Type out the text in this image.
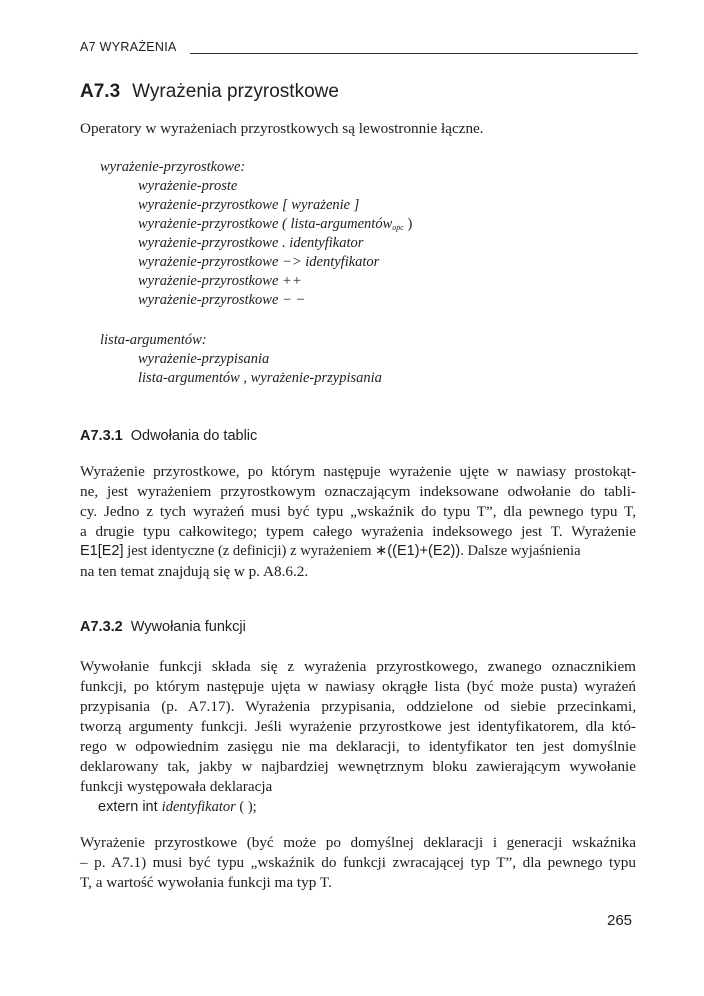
A7 WYRAŻENIA
A7.3 Wyrażenia przyrostkowe
Operatory w wyrażeniach przyrostkowych są lewostronnie łączne.
wyrażenie-przyrostkowe:
wyrażenie-proste
wyrażenie-przyrostkowe [ wyrażenie ]
wyrażenie-przyrostkowe ( lista-argumentów$_{opc}$ )
wyrażenie-przyrostkowe . identyfikator
wyrażenie-przyrostkowe −> identyfikator
wyrażenie-przyrostkowe ++
wyrażenie-przyrostkowe − −
lista-argumentów:
wyrażenie-przypisania
lista-argumentów , wyrażenie-przypisania
A7.3.1 Odwołania do tablic
Wyrażenie przyrostkowe, po którym następuje wyrażenie ujęte w nawiasy prostokąt-
ne, jest wyrażeniem przyrostkowym oznaczającym indeksowane odwołanie do tabli-
cy. Jedno z tych wyrażeń musi być typu „wskaźnik do typu T”, dla pewnego typu T,
a drugie typu całkowitego; typem całego wyrażenia indeksowego jest T. Wyrażenie
E1[E2] jest identyczne (z definicji) z wyrażeniem ∗((E1)+(E2)). Dalsze wyjaśnienia
na ten temat znajdują się w p. A8.6.2.
A7.3.2 Wywołania funkcji
Wywołanie funkcji składa się z wyrażenia przyrostkowego, zwanego oznacznikiem
funkcji, po którym następuje ujęta w nawiasy okrągłe lista (być może pusta) wyrażeń
przypisania (p. A7.17). Wyrażenia przypisania, oddzielone od siebie przecinkami,
tworzą argumenty funkcji. Jeśli wyrażenie przyrostkowe jest identyfikatorem, dla któ-
rego w odpowiednim zasięgu nie ma deklaracji, to identyfikator ten jest domyślnie
deklarowany tak, jakby w najbardziej wewnętrznym bloku zawierającym wywołanie
funkcji występowała deklaracja
extern int identyfikator ( );
Wyrażenie przyrostkowe (być może po domyślnej deklaracji i generacji wskaźnika
– p. A7.1) musi być typu „wskaźnik do funkcji zwracającej typ T”, dla pewnego typu
T, a wartość wywołania funkcji ma typ T.
265
